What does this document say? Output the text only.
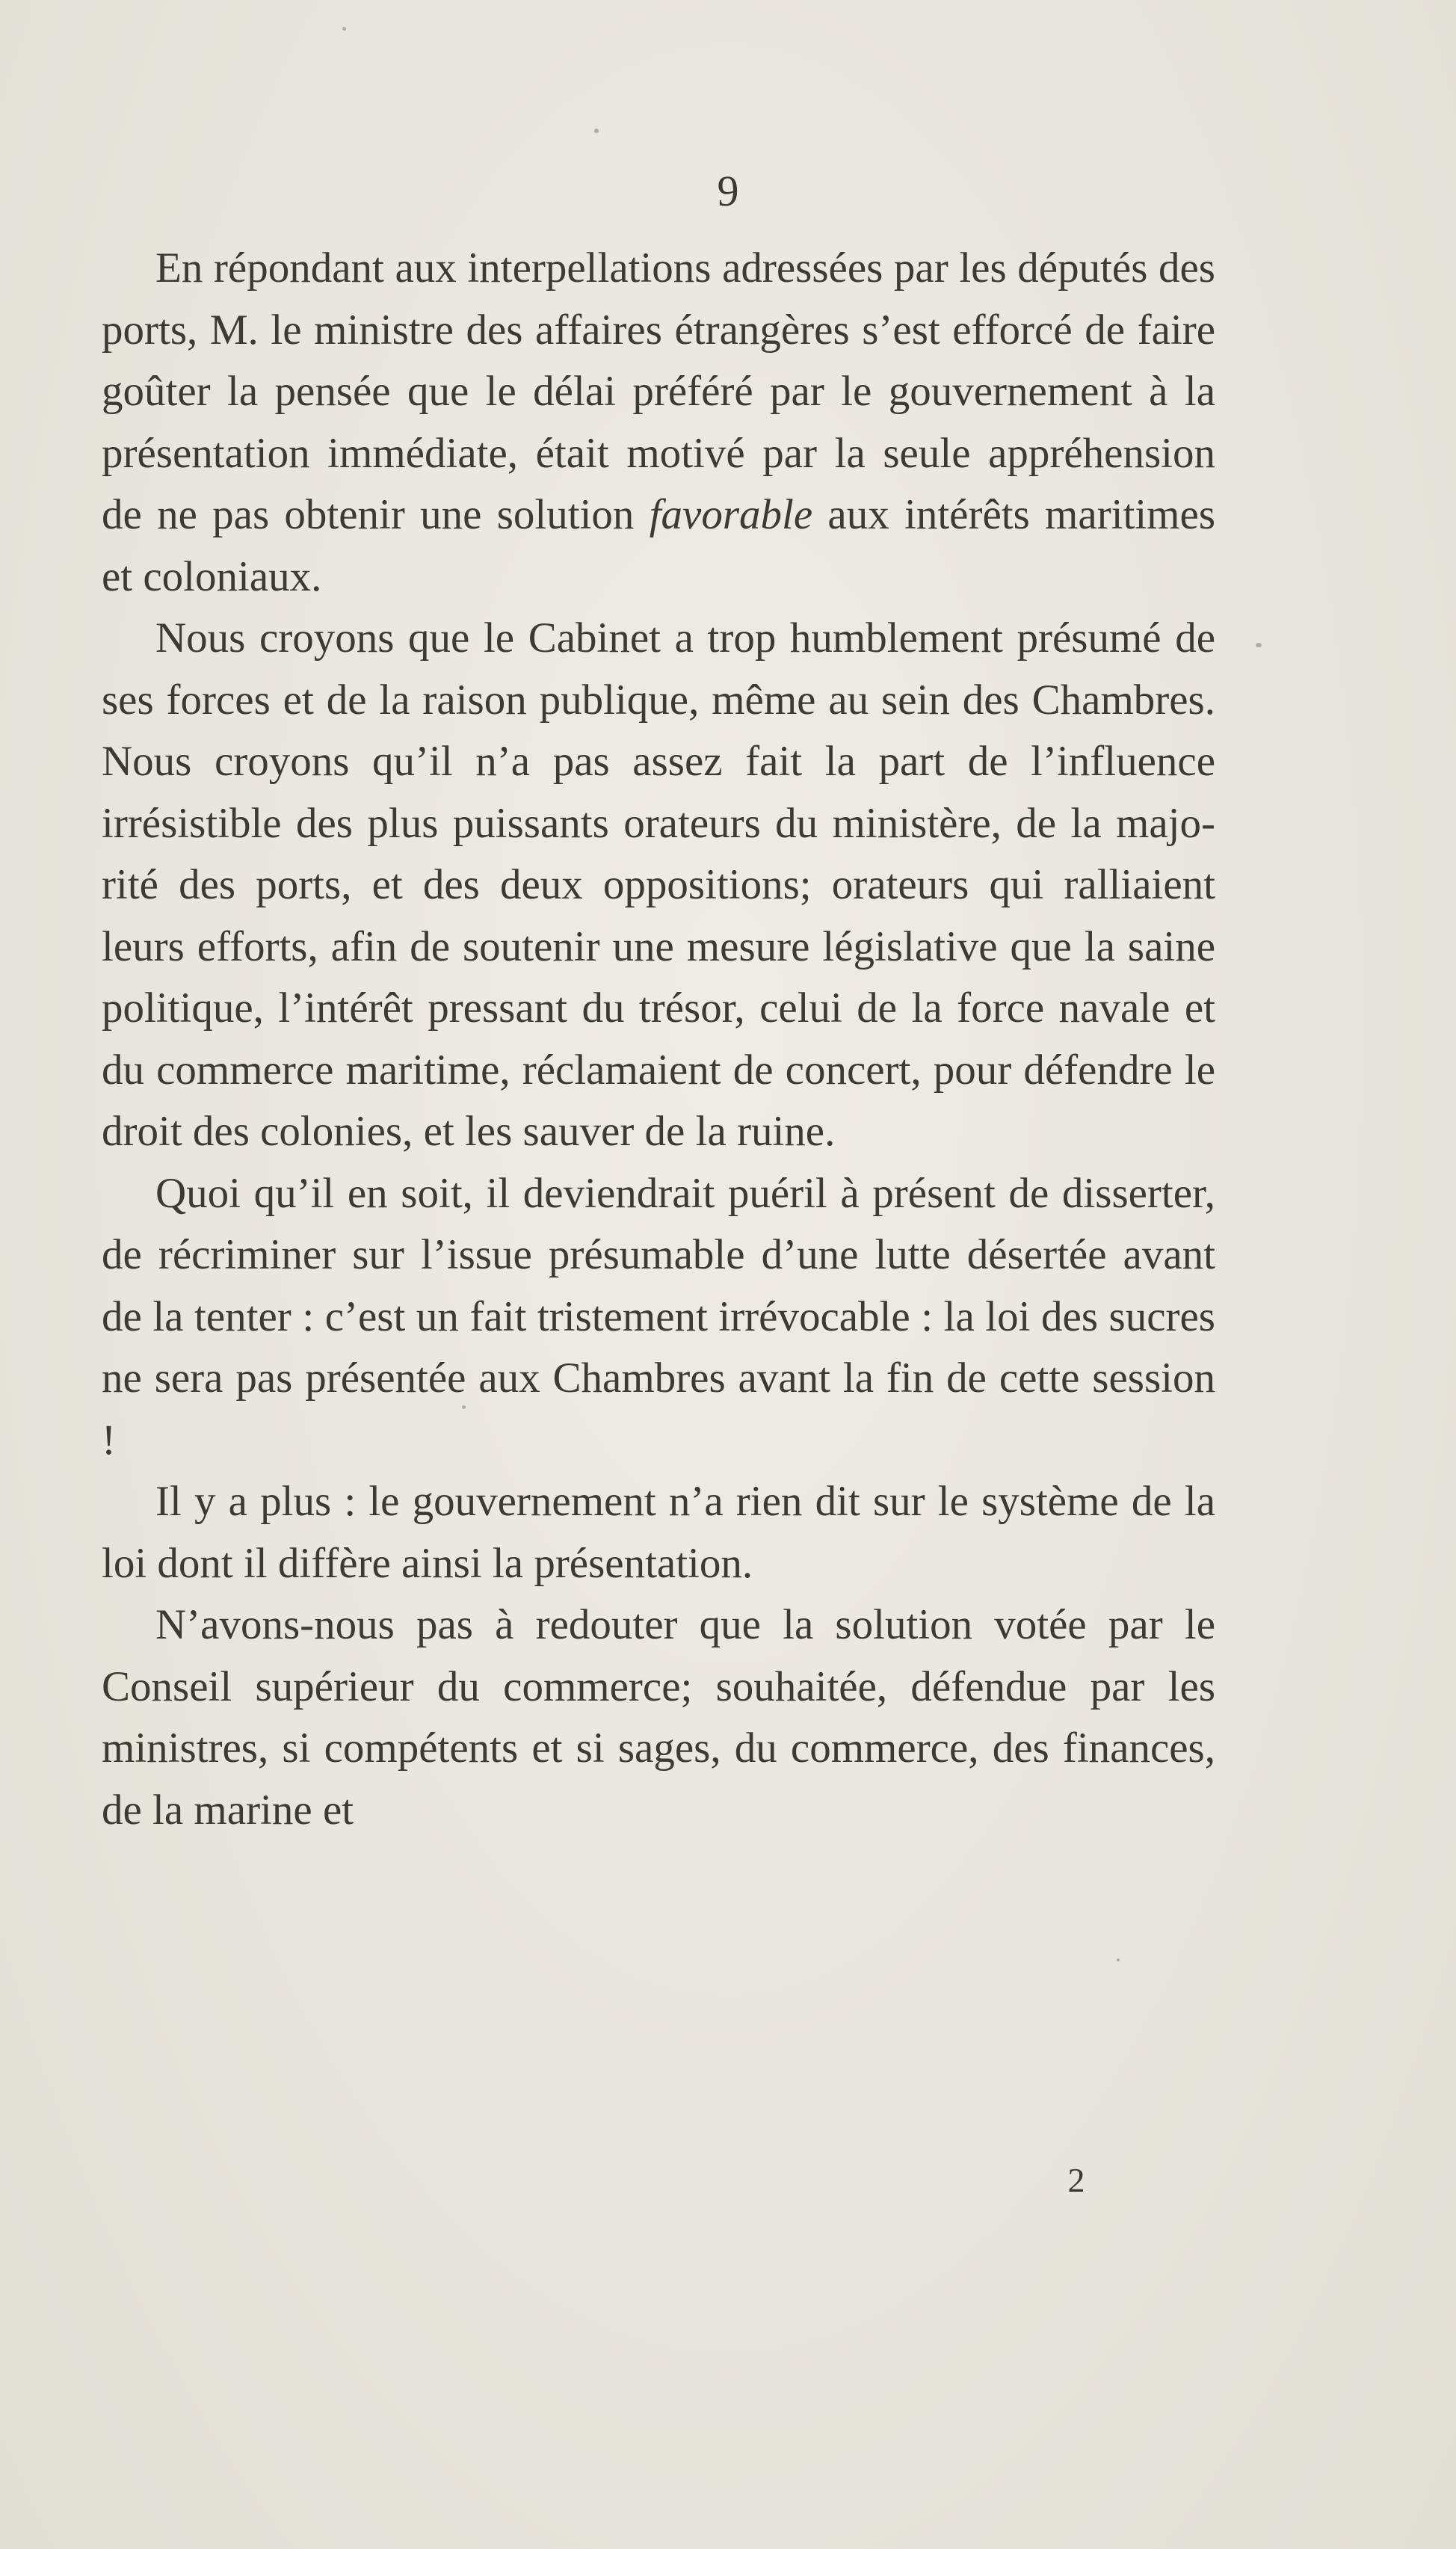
9

En répondant aux interpellations adressées par les députés des ports, M. le ministre des affaires étrangères s’est efforcé de faire goûter la pensée que le délai préféré par le gouvernement à la présentation immédiate, était motivé par la seule appréhension de ne pas obtenir une solution favorable aux intérêts maritimes et coloniaux.

Nous croyons que le Cabinet a trop humblement présumé de ses forces et de la raison publique, même au sein des Chambres. Nous croyons qu’il n’a pas assez fait la part de l’influence irrésistible des plus puissants orateurs du ministère, de la majorité des ports, et des deux oppositions; orateurs qui ralliaient leurs efforts, afin de soutenir une mesure législative que la saine politique, l’intérêt pressant du trésor, celui de la force navale et du commerce maritime, réclamaient de concert, pour défendre le droit des colonies, et les sauver de la ruine.

Quoi qu’il en soit, il deviendrait puéril à présent de disserter, de récriminer sur l’issue présumable d’une lutte désertée avant de la tenter : c’est un fait tristement irrévocable : la loi des sucres ne sera pas présentée aux Chambres avant la fin de cette session !

Il y a plus : le gouvernement n’a rien dit sur le système de la loi dont il diffère ainsi la présentation.

N’avons-nous pas à redouter que la solution votée par le Conseil supérieur du commerce; souhaitée, défendue par les ministres, si compétents et si sages, du commerce, des finances, de la marine et

2
